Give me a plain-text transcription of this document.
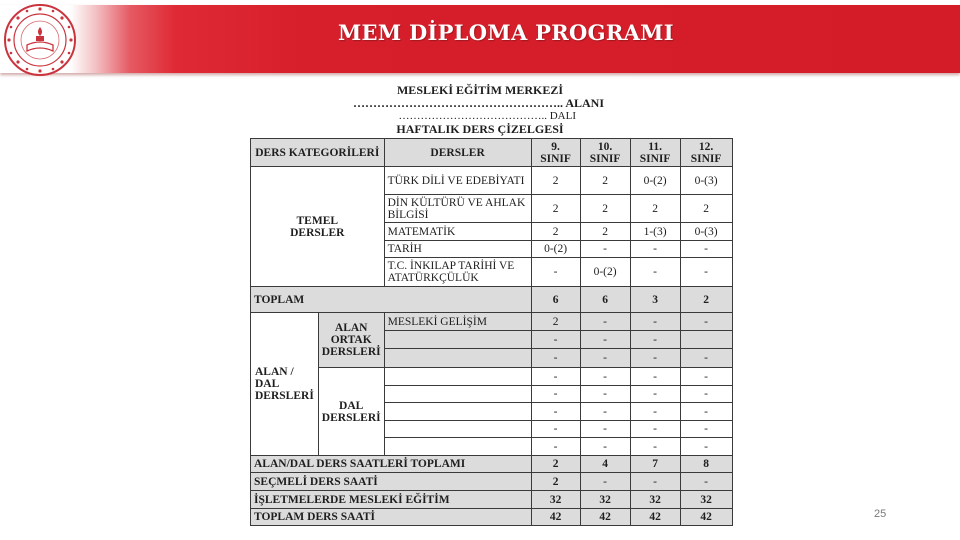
MEM DİPLOMA PROGRAMI
MESLEKİ EĞİTİM MERKEZİ
…………………………………………….. ALANI
………………………………….. DALI
HAFTALIK DERS ÇİZELGESİ
DERS KATEGORİLERİ		DERSLER	9. SINIF	10. SINIF	11. SINIF	12. SINIF
TEMEL DERSLER		TÜRK DİLİ VE EDEBİYATI	2	2	0-(2)	0-(3)
		DİN KÜLTÜRÜ VE AHLAK BİLGİSİ	2	2	2	2
		MATEMATİK	2	2	1-(3)	0-(3)
		TARİH	0-(2)	-	-	-
		T.C. İNKILAP TARİHİ VE ATATÜRKÇÜLÜK	-	0-(2)	-	-
TOPLAM			6	6	3	2
ALAN / DAL DERSLERİ	ALAN ORTAK DERSLERİ	MESLEKİ GELİŞİM	2	-	-	-
			-	-	-	
			-	-	-	-
	DAL DERSLERİ		-	-	-	-
			-	-	-	-
			-	-	-	-
			-	-	-	-
			-	-	-	-
ALAN/DAL DERS SAATLERİ TOPLAMI			2	4	7	8
SEÇMELİ DERS SAATİ			2	-	-	-
İŞLETMELERDE MESLEKİ EĞİTİM			32	32	32	32
TOPLAM DERS SAATİ			42	42	42	42	25
